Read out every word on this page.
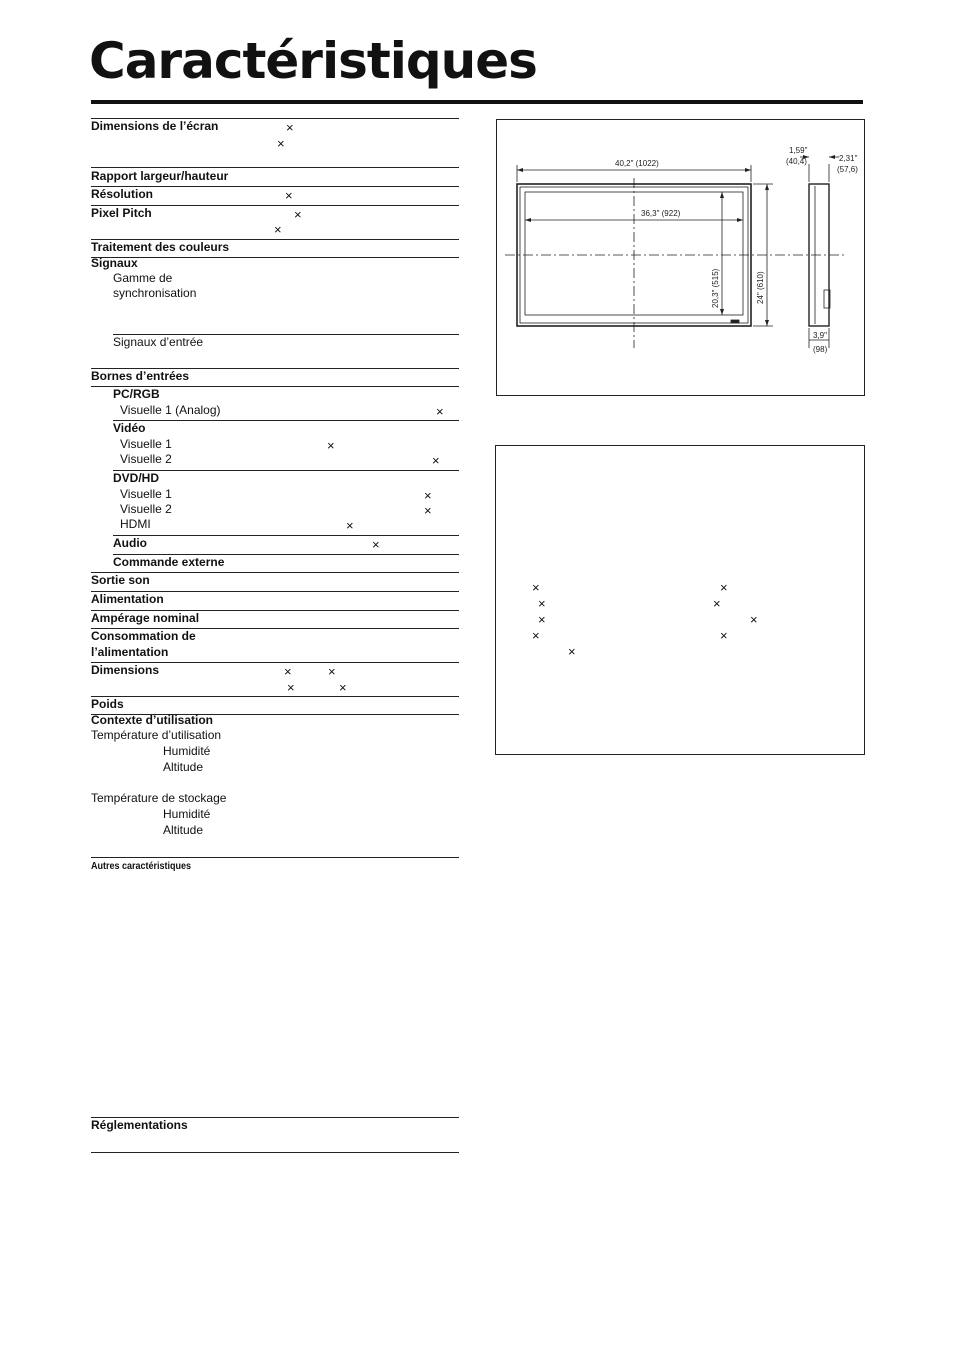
Caractéristiques
Dimensions de l’écran	×
×
Rapport largeur/hauteur
Résolution	×
Pixel Pitch	×
×
Traitement des couleurs
Signaux
Gamme de
synchronisation
Signaux d’entrée
Bornes d’entrées
PC/RGB
Visuelle 1 (Analog)	×
Vidéo
Visuelle 1	×
Visuelle 2	×
DVD/HD
Visuelle 1	×
Visuelle 2	×
HDMI	×
Audio	×
Commande externe
Sortie son
Alimentation
Ampérage nominal
Consommation de
l’alimentation
Dimensions	×	×
×	×
Poids
Contexte d’utilisation
Température d’utilisation
Humidité
Altitude
Température de stockage
Humidité
Altitude
Autres caractéristiques
Réglementations
40,2" (1022)
36,3" (922)
20,3" (515)	24" (610)
1,59"
(40,4)	2,31"
(57,6)
3,9"
(98)
×	×
×	×
×	×
×	×
×
